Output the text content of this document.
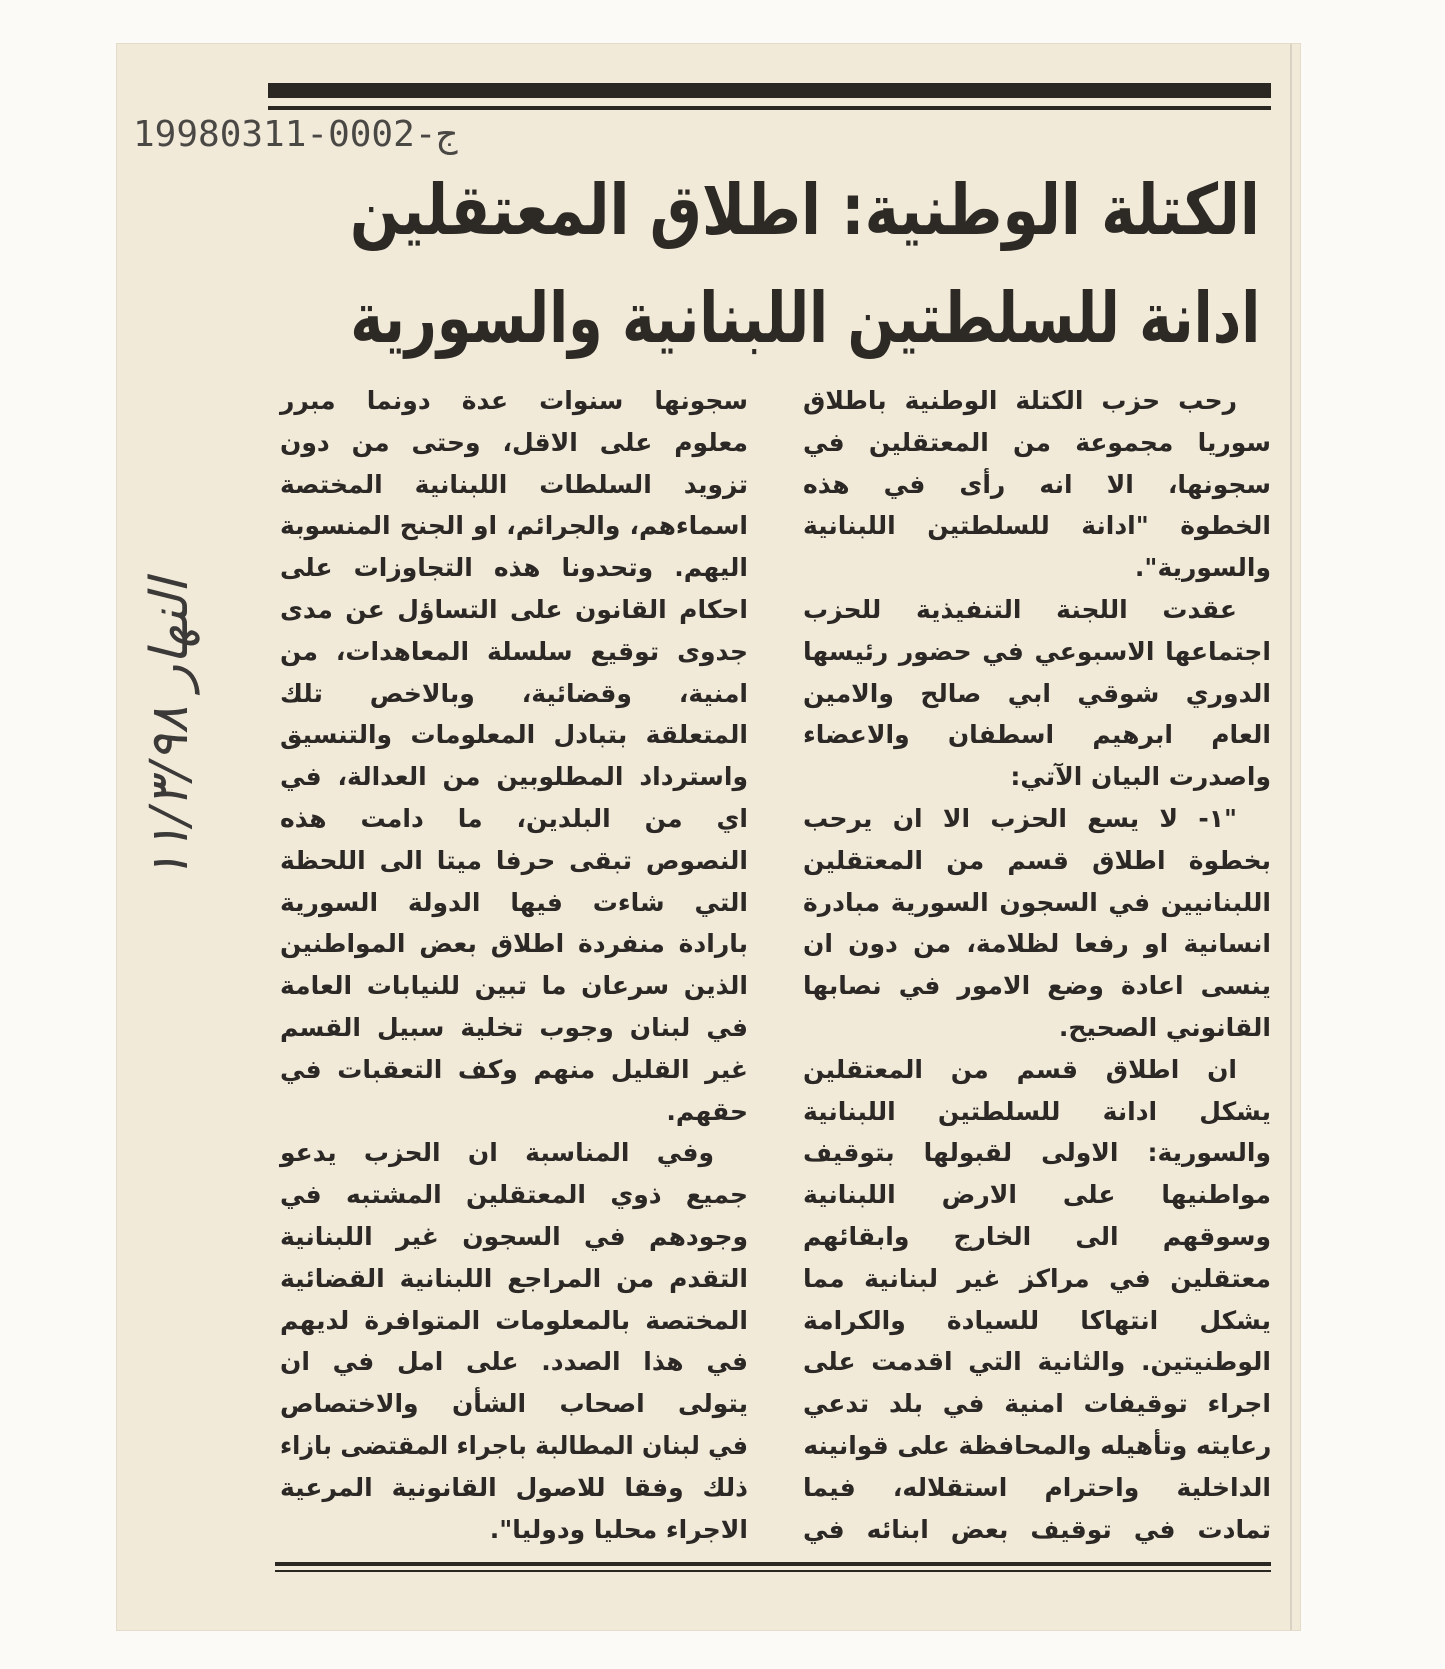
19980311-0002-ج
الكتلة الوطنية: اطلاق المعتقلين
ادانة للسلطتين اللبنانية والسورية
النهار ١١/٣/٩٨
رحب حزب الكتلة الوطنية باطلاق
سوريا مجموعة من المعتقلين في
سجونها، الا انه رأى في هذه
الخطوة "ادانة للسلطتين اللبنانية
والسورية".
عقدت اللجنة التنفيذية للحزب
اجتماعها الاسبوعي في حضور رئيسها
الدوري شوقي ابي صالح والامين
العام ابرهيم اسطفان والاعضاء
واصدرت البيان الآتي:
"١- لا يسع الحزب الا ان يرحب
بخطوة اطلاق قسم من المعتقلين
اللبنانيين في السجون السورية مبادرة
انسانية او رفعا لظلامة، من دون ان
ينسى اعادة وضع الامور في نصابها
القانوني الصحيح.
ان اطلاق قسم من المعتقلين
يشكل ادانة للسلطتين اللبنانية
والسورية: الاولى لقبولها بتوقيف
مواطنيها على الارض اللبنانية
وسوقهم الى الخارج وابقائهم
معتقلين في مراكز غير لبنانية مما
يشكل انتهاكا للسيادة والكرامة
الوطنيتين. والثانية التي اقدمت على
اجراء توقيفات امنية في بلد تدعي
رعايته وتأهيله والمحافظة على قوانينه
الداخلية واحترام استقلاله، فيما
تمادت في توقيف بعض ابنائه في
سجونها سنوات عدة دونما مبرر
معلوم على الاقل، وحتى من دون
تزويد السلطات اللبنانية المختصة
اسماءهم، والجرائم، او الجنح المنسوبة
اليهم. وتحدونا هذه التجاوزات على
احكام القانون على التساؤل عن مدى
جدوى توقيع سلسلة المعاهدات، من
امنية، وقضائية، وبالاخص تلك
المتعلقة بتبادل المعلومات والتنسيق
واسترداد المطلوبين من العدالة، في
اي من البلدين، ما دامت هذه
النصوص تبقى حرفا ميتا الى اللحظة
التي شاءت فيها الدولة السورية
بارادة منفردة اطلاق بعض المواطنين
الذين سرعان ما تبين للنيابات العامة
في لبنان وجوب تخلية سبيل القسم
غير القليل منهم وكف التعقبات في
حقهم.
وفي المناسبة ان الحزب يدعو
جميع ذوي المعتقلين المشتبه في
وجودهم في السجون غير اللبنانية
التقدم من المراجع اللبنانية القضائية
المختصة بالمعلومات المتوافرة لديهم
في هذا الصدد. على امل في ان
يتولى اصحاب الشأن والاختصاص
في لبنان المطالبة باجراء المقتضى بازاء
ذلك وفقا للاصول القانونية المرعية
الاجراء محليا ودوليا".
